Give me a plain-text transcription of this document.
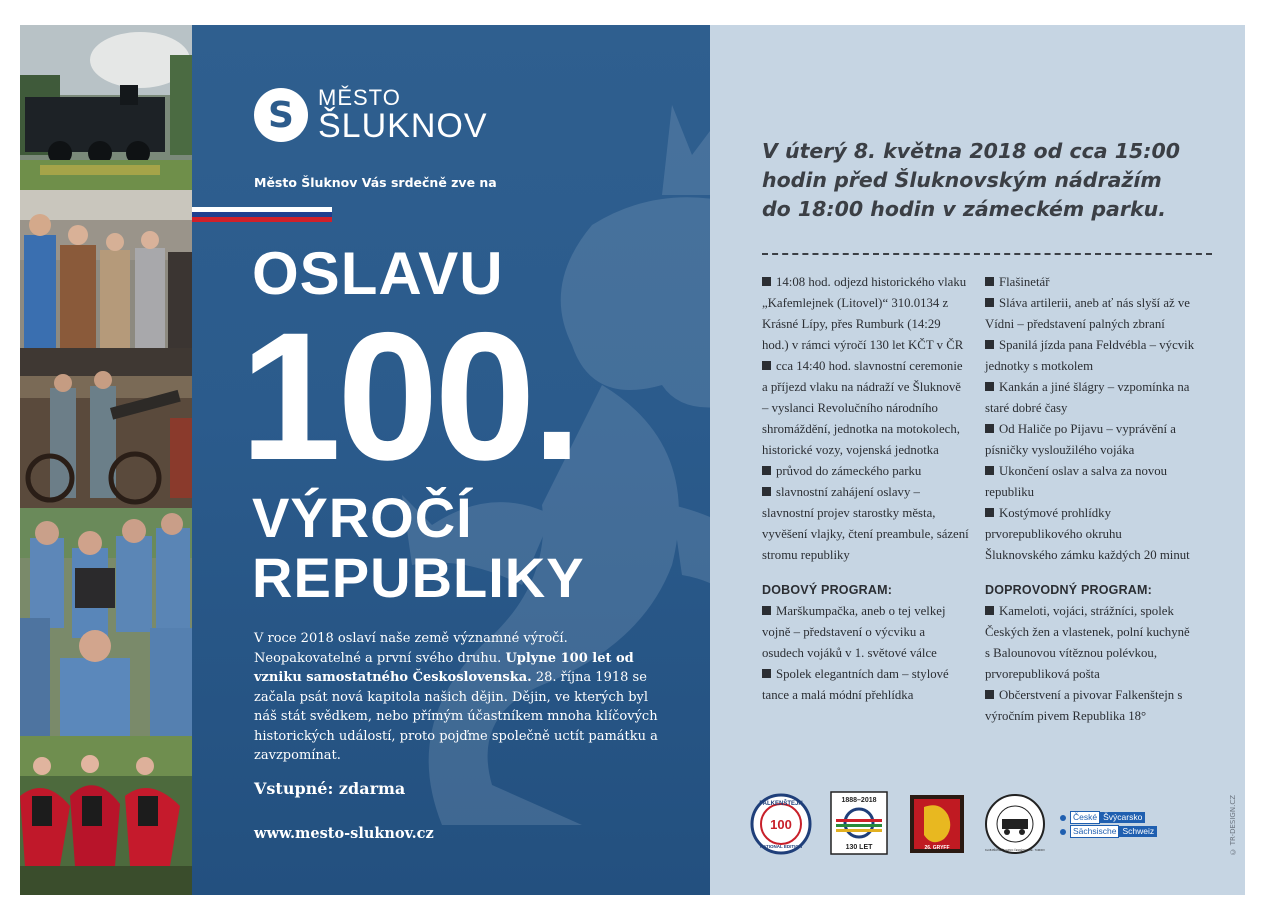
S	MĚSTO
ŠLUKNOV
Město Šluknov Vás srdečně zve na
OSLAVU
100.
VÝROČÍ
REPUBLIKY
V roce 2018 oslaví naše země významné výročí. Neopakovatelné a první svého druhu. Uplyne 100 let od vzniku samostatného Československa. 28. října 1918 se začala psát nová kapitola našich dějin. Dějin, ve kterých byl náš stát svědkem, nebo přímým účastníkem mnoha klíčových historických událostí, proto pojďme společně uctít památku a zavzpomínat.
Vstupné: zdarma
www.mesto-sluknov.cz
V úterý 8. května 2018 od cca 15:00
hodin před Šluknovským nádražím
do 18:00 hodin v zámeckém parku.
14:08 hod. odjezd historického vlaku „Kafemlejnek (Litovel)“ 310.0134 z Krásné Lípy, přes Rumburk (14:29 hod.) v rámci výročí 130 let KČT v ČR
cca 14:40 hod. slavnostní ceremonie a příjezd vlaku na nádraží ve Šluknově – vyslanci Revolučního národního shromáždění, jednotka na motokolech, historické vozy, vojenská jednotka
průvod do zámeckého parku
slavnostní zahájení oslavy – slavnostní projev starostky města, vyvěšení vlajky, čtení preambule, sázení stromu republiky
DOBOVÝ PROGRAM:
Marškumpačka, aneb o tej velkej vojně – představení o výcviku a osudech vojáků v 1. světové válce
Spolek elegantních dam – stylové tance a malá módní přehlídka
Flašinetář
Sláva artilerii, aneb ať nás slyší až ve Vídni – představení palných zbraní
Spanilá jízda pana Feldvébla – výcvik jednotky s motkolem
Kankán a jiné šlágry – vzpomínka na staré dobré časy
Od Haliče po Pijavu – vyprávění a písničky vysloužilého vojáka
Ukončení oslav a salva za novou republiku
Kostýmové prohlídky prvorepublikového okruhu Šluknovského zámku každých 20 minut
DOPROVODNÝ PROGRAM:
Kameloti, vojáci, strážníci, spolek Českých žen a vlastenek, polní kuchyně s Balounovou vítěznou polévkou, prvorepubliková pošta
Občerstvení a pivovar Falkenštejn s výročním pivem Republika 18°
100
FALKENŠTEJN
NATIONAL EDITION
1888–2018
130 LET	26. GRYFF	KLUB PŘÁTEL ŽELEZNIC ČESKÉHO RÁJE · TURNOV
České Švýcarsko
Sächsische Schweiz	© TR-DESIGN.CZ
